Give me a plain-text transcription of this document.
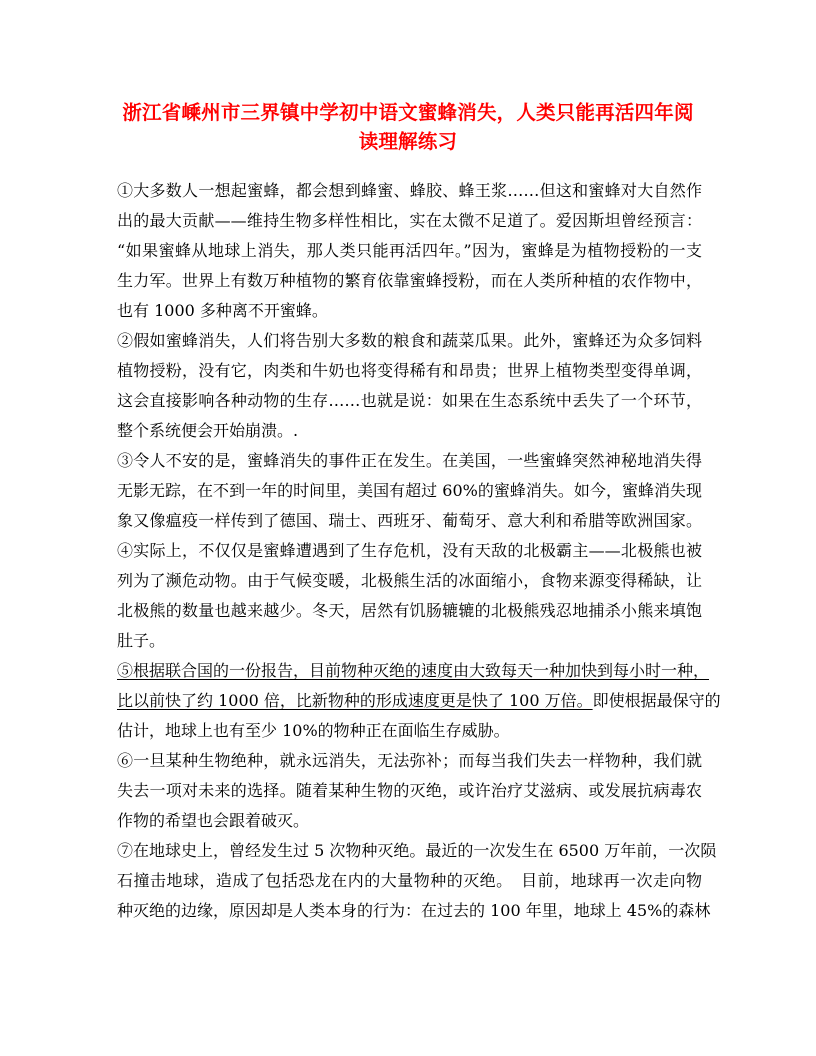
浙江省嵊州市三界镇中学初中语文蜜蜂消失，人类只能再活四年阅
读理解练习
①大多数人一想起蜜蜂，都会想到蜂蜜、蜂胶、蜂王浆……但这和蜜蜂对大自然作
出的最大贡献——维持生物多样性相比，实在太微不足道了。爱因斯坦曾经预言：
“如果蜜蜂从地球上消失，那人类只能再活四年。”因为，蜜蜂是为植物授粉的一支
生力军。世界上有数万种植物的繁育依靠蜜蜂授粉，而在人类所种植的农作物中，
也有 1000 多种离不开蜜蜂。
②假如蜜蜂消失，人们将告别大多数的粮食和蔬菜瓜果。此外，蜜蜂还为众多饲料
植物授粉，没有它，肉类和牛奶也将变得稀有和昂贵；世界上植物类型变得单调，
这会直接影响各种动物的生存……也就是说：如果在生态系统中丢失了一个环节，
整个系统便会开始崩溃。.
③令人不安的是，蜜蜂消失的事件正在发生。在美国，一些蜜蜂突然神秘地消失得
无影无踪，在不到一年的时间里，美国有超过 60%的蜜蜂消失。如今，蜜蜂消失现
象又像瘟疫一样传到了德国、瑞士、西班牙、葡萄牙、意大利和希腊等欧洲国家。
④实际上，不仅仅是蜜蜂遭遇到了生存危机，没有天敌的北极霸主——北极熊也被
列为了濒危动物。由于气候变暖，北极熊生活的冰面缩小，食物来源变得稀缺，让
北极熊的数量也越来越少。冬天，居然有饥肠辘辘的北极熊残忍地捕杀小熊来填饱
肚子。
⑤根据联合国的一份报告，目前物种灭绝的速度由大致每天一种加快到每小时一种，
比以前快了约 1000 倍，比新物种的形成速度更是快了 100 万倍。即使根据最保守的
估计，地球上也有至少 10%的物种正在面临生存威胁。
⑥一旦某种生物绝种，就永远消失，无法弥补；而每当我们失去一样物种，我们就
失去一项对未来的选择。随着某种生物的灭绝，或许治疗艾滋病、或发展抗病毒农
作物的希望也会跟着破灭。
⑦在地球史上，曾经发生过 5 次物种灭绝。最近的一次发生在 6500 万年前，一次陨
石撞击地球，造成了包括恐龙在内的大量物种的灭绝。　目前，地球再一次走向物
种灭绝的边缘，原因却是人类本身的行为：在过去的 100 年里，地球上 45%的森林
